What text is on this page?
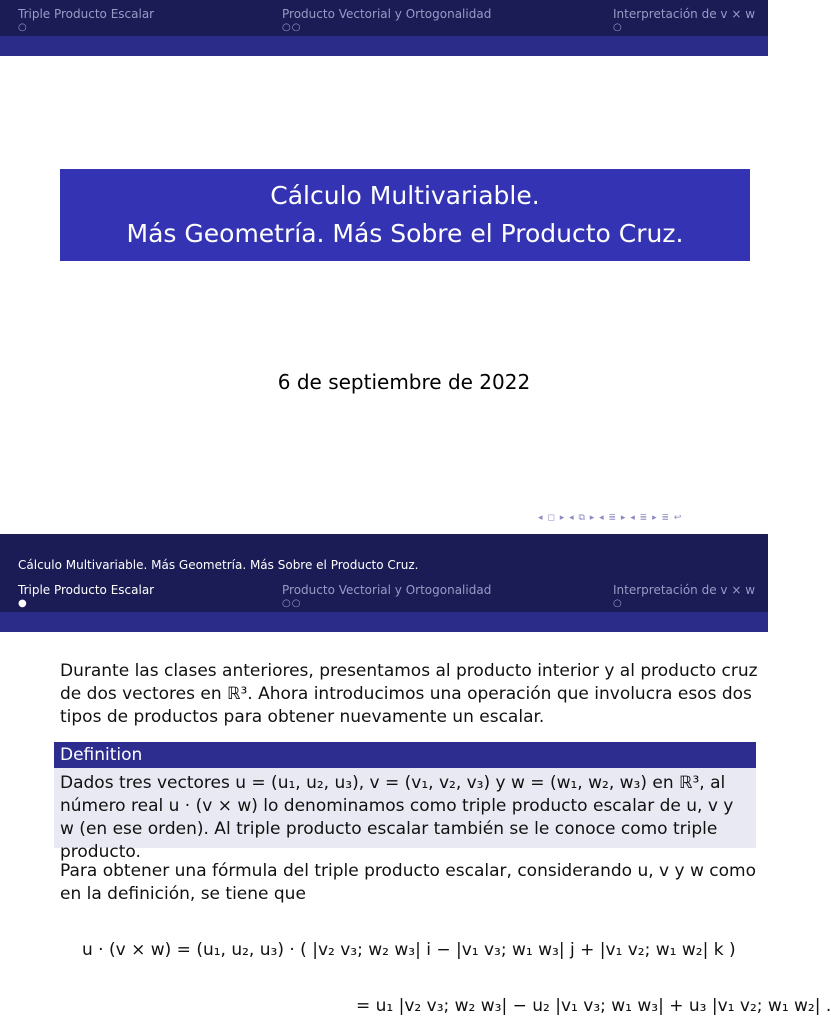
Triple Producto Escalar
○
Producto Vectorial y Ortogonalidad
○○
Interpretación de v × w
○
Cálculo Multivariable.
Más Geometría. Más Sobre el Producto Cruz.
6 de septiembre de 2022
◂ ◻ ▸ ◂ ⧉ ▸ ◂ ≣ ▸ ◂ ≣ ▸ ≣ ↩
Cálculo Multivariable. Más Geometría. Más Sobre el Producto Cruz.
Triple Producto Escalar
●
Producto Vectorial y Ortogonalidad
○○
Interpretación de v × w
○
Durante las clases anteriores, presentamos al producto interior y al producto cruz de dos vectores en ℝ³. Ahora introducimos una operación que involucra esos dos tipos de productos para obtener nuevamente un escalar.
Definition
Dados tres vectores u = (u₁, u₂, u₃), v = (v₁, v₂, v₃) y w = (w₁, w₂, w₃) en ℝ³, al número real u · (v × w) lo denominamos como triple producto escalar de u, v y w (en ese orden). Al triple producto escalar también se le conoce como triple producto.
Para obtener una fórmula del triple producto escalar, considerando u, v y w como en la definición, se tiene que
u · (v × w) = (u₁, u₂, u₃) · ( |v₂ v₃; w₂ w₃| i − |v₁ v₃; w₁ w₃| j + |v₁ v₂; w₁ w₂| k )
= u₁ |v₂ v₃; w₂ w₃| − u₂ |v₁ v₃; w₁ w₃| + u₃ |v₁ v₂; w₁ w₂| .
